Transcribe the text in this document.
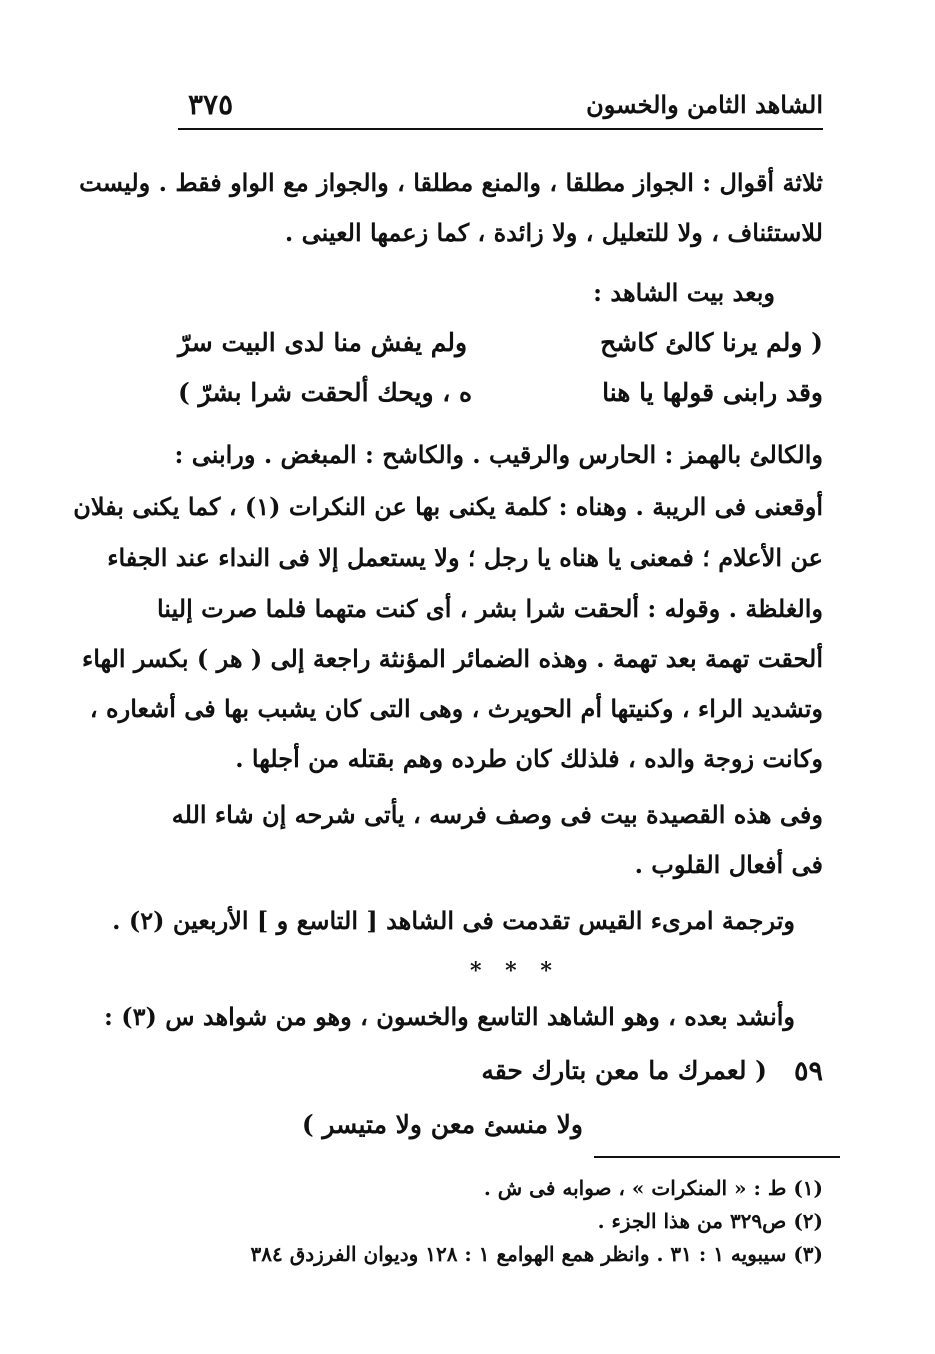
الشاهد الثامن والخسون
٣٧٥
ثلاثة أقوال : الجواز مطلقا ، والمنع مطلقا ، والجواز مع الواو فقط . وليست
للاستئناف ، ولا للتعليل ، ولا زائدة ، كما زعمها العينى .
وبعد بيت الشاهد :
( ولم يرنا كالئ كاشح
ولم يفش منا لدى البيت سرّ
وقد رابنى قولها يا هنا
ه ، ويحك ألحقت شرا بشرّ )
والكالئ بالهمز : الحارس والرقيب . والكاشح : المبغض . ورابنى :
أوقعنى فى الريبة . وهناه : كلمة يكنى بها عن النكرات (١) ، كما يكنى بفلان
عن الأعلام ؛ فمعنى يا هناه يا رجل ؛ ولا يستعمل إلا فى النداء عند الجفاء
والغلظة . وقوله : ألحقت شرا بشر ، أى كنت متهما فلما صرت إلينا
ألحقت تهمة بعد تهمة . وهذه الضمائر المؤنثة راجعة إلى ( هر ) بكسر الهاء
وتشديد الراء ، وكنيتها أم الحويرث ، وهى التى كان يشبب بها فى أشعاره ،
وكانت زوجة والده ، فلذلك كان طرده وهم بقتله من أجلها .
وفى هذه القصيدة بيت فى وصف فرسه ، يأتى شرحه إن شاء الله
فى أفعال القلوب .
وترجمة امرىء القيس تقدمت فى الشاهد [ التاسع و ] الأربعين (٢) .
* * *
وأنشد بعده ، وهو الشاهد التاسع والخسون ، وهو من شواهد س (٣) :
٥٩
( لعمرك ما معن بتارك حقه
ولا منسئ معن ولا متيسر )
(١) ط : « المنكرات » ، صوابه فى ش .
(٢) ص٣٢٩ من هذا الجزء .
(٣) سيبويه ١ : ٣١ . وانظر همع الهوامع ١ : ١٢٨ وديوان الفرزدق ٣٨٤
